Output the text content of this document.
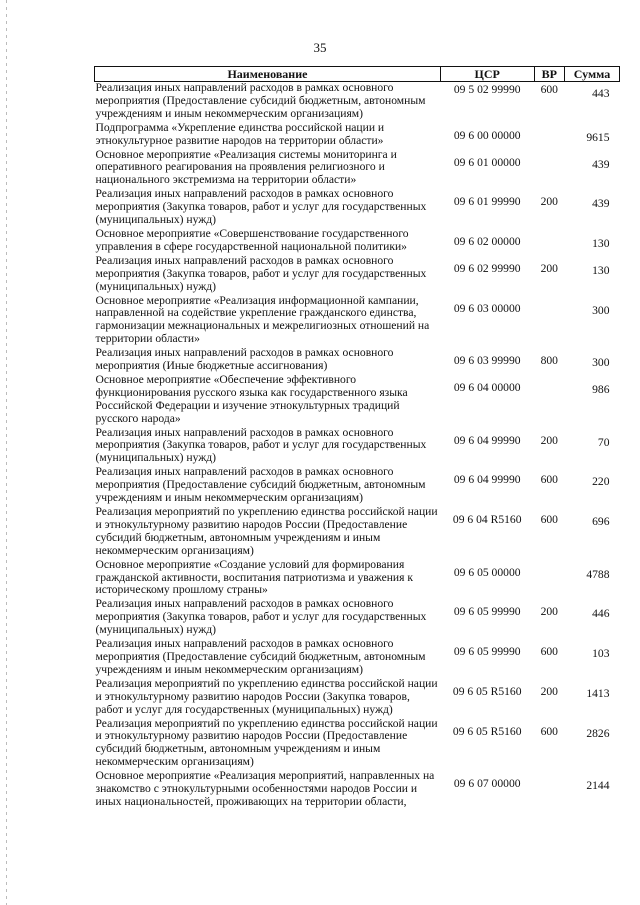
35
Наименование	ЦСР	ВР	Сумма
Реализация иных направлений расходов в рамках основного мероприятия (Предоставление субсидий бюджетным, автономным учреждениям и иным некоммерческим организациям)	09 5 02 99990	600	443
Подпрограмма «Укрепление единства российской нации и этнокультурное развитие народов на территории области»	09 6 00 00000		9615
Основное мероприятие «Реализация системы мониторинга и оперативного реагирования на проявления религиозного и национального экстремизма на территории области»	09 6 01 00000		439
Реализация иных направлений расходов в рамках основного мероприятия (Закупка товаров, работ и услуг для государственных (муниципальных) нужд)	09 6 01 99990	200	439
Основное мероприятие «Совершенствование государственного управления в сфере государственной национальной политики»	09 6 02 00000		130
Реализация иных направлений расходов в рамках основного мероприятия (Закупка товаров, работ и услуг для государственных (муниципальных) нужд)	09 6 02 99990	200	130
Основное мероприятие «Реализация информационной кампании, направленной на содействие укрепление гражданского единства, гармонизации межнациональных и межрелигиозных отношений на территории области»	09 6 03 00000		300
Реализация иных направлений расходов в рамках основного мероприятия (Иные бюджетные ассигнования)	09 6 03 99990	800	300
Основное мероприятие «Обеспечение эффективного функционирования русского языка как государственного языка Российской Федерации и изучение этнокультурных традиций русского народа»	09 6 04 00000		986
Реализация иных направлений расходов в рамках основного мероприятия (Закупка товаров, работ и услуг для государственных (муниципальных) нужд)	09 6 04 99990	200	70
Реализация иных направлений расходов в рамках основного мероприятия (Предоставление субсидий бюджетным, автономным учреждениям и иным некоммерческим организациям)	09 6 04 99990	600	220
Реализация мероприятий по укреплению единства российской нации и этнокультурному развитию народов России (Предоставление субсидий бюджетным, автономным учреждениям и иным некоммерческим организациям)	09 6 04 R5160	600	696
Основное мероприятие «Создание условий для формирования гражданской активности, воспитания патриотизма и уважения к историческому прошлому страны»	09 6 05 00000		4788
Реализация иных направлений расходов в рамках основного мероприятия (Закупка товаров, работ и услуг для государственных (муниципальных) нужд)	09 6 05 99990	200	446
Реализация иных направлений расходов в рамках основного мероприятия (Предоставление субсидий бюджетным, автономным учреждениям и иным некоммерческим организациям)	09 6 05 99990	600	103
Реализация мероприятий по укреплению единства российской нации и этнокультурному развитию народов России (Закупка товаров, работ и услуг для государственных (муниципальных) нужд)	09 6 05 R5160	200	1413
Реализация мероприятий по укреплению единства российской нации и этнокультурному развитию народов России (Предоставление субсидий бюджетным, автономным учреждениям и иным некоммерческим организациям)	09 6 05 R5160	600	2826
Основное мероприятие «Реализация мероприятий, направленных на знакомство с этнокультурными особенностями народов России и иных национальностей, проживающих на территории области,	09 6 07 00000		2144
